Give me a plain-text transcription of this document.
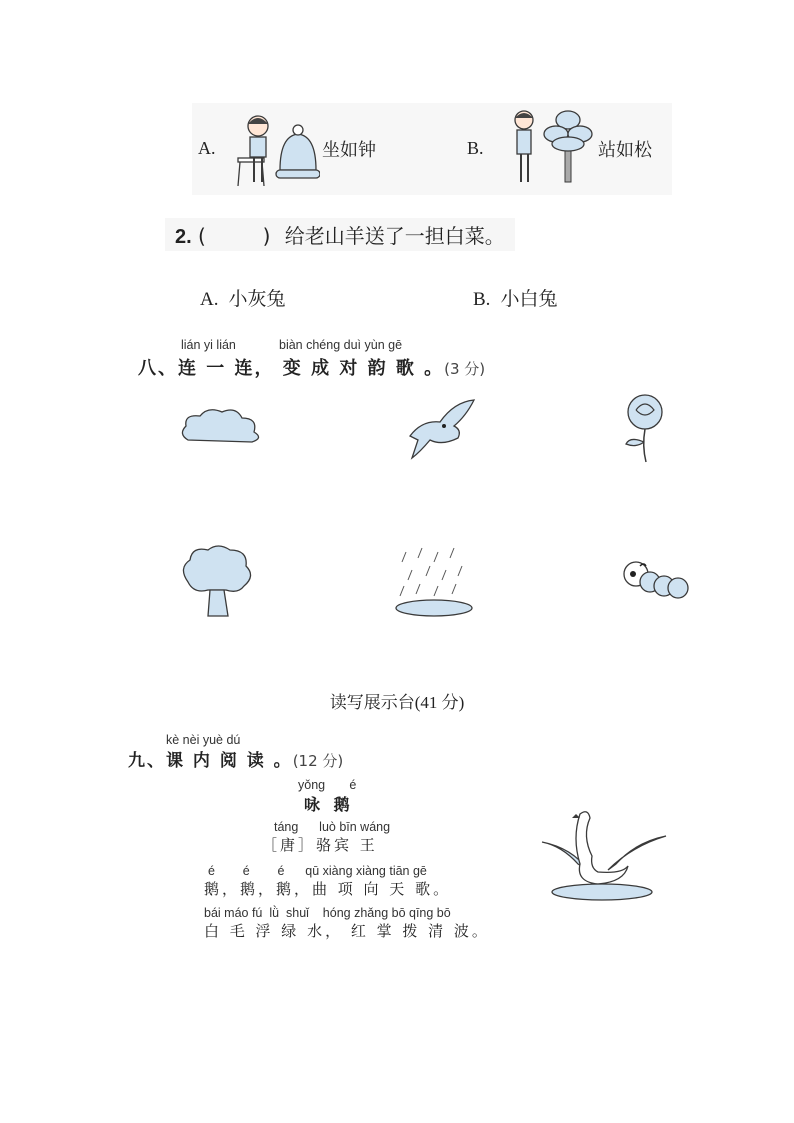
A.	坐如钟	B.	站如松
2. (	) 给老山羊送了一担白菜。
A. 小灰兔	B. 小白兔
lián yi lián	biàn chéng duì yùn gē
八、连 一 连， 变 成 对 韵 歌 。(3 分)
读写展示台(41 分)
kè nèi yuè dú
九、课 内 阅 读 。(12 分)
yǒng       é
咏 鹅
táng      luò bīn wáng
［唐］骆宾 王
é        é        é      qū xiàng xiàng tiān gē
鹅，鹅，鹅，曲 项 向 天 歌。
bái máo fú  lǜ  shuǐ    hóng zhǎng bō qīng bō
白 毛 浮 绿 水， 红 掌 拨 清 波。
